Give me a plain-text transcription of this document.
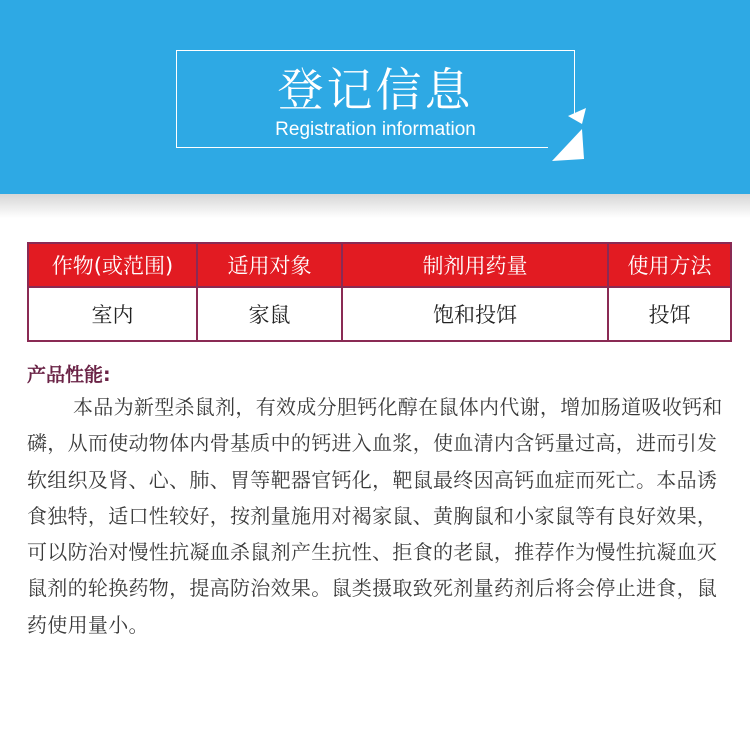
登记信息
Registration information
作物(或范围)	适用对象	制剂用药量	使用方法
室内	家鼠	饱和投饵	投饵
产品性能:

本品为新型杀鼠剂，有效成分胆钙化醇在鼠体内代谢，增加肠道吸收钙和磷，从而使动物体内骨基质中的钙进入血浆，使血清内含钙量过高，进而引发软组织及肾、心、肺、胃等靶器官钙化，靶鼠最终因高钙血症而死亡。本品诱食独特，适口性较好，按剂量施用对褐家鼠、黄胸鼠和小家鼠等有良好效果，可以防治对慢性抗凝血杀鼠剂产生抗性、拒食的老鼠，推荐作为慢性抗凝血灭鼠剂的轮换药物，提高防治效果。鼠类摄取致死剂量药剂后将会停止进食，鼠药使用量小。
